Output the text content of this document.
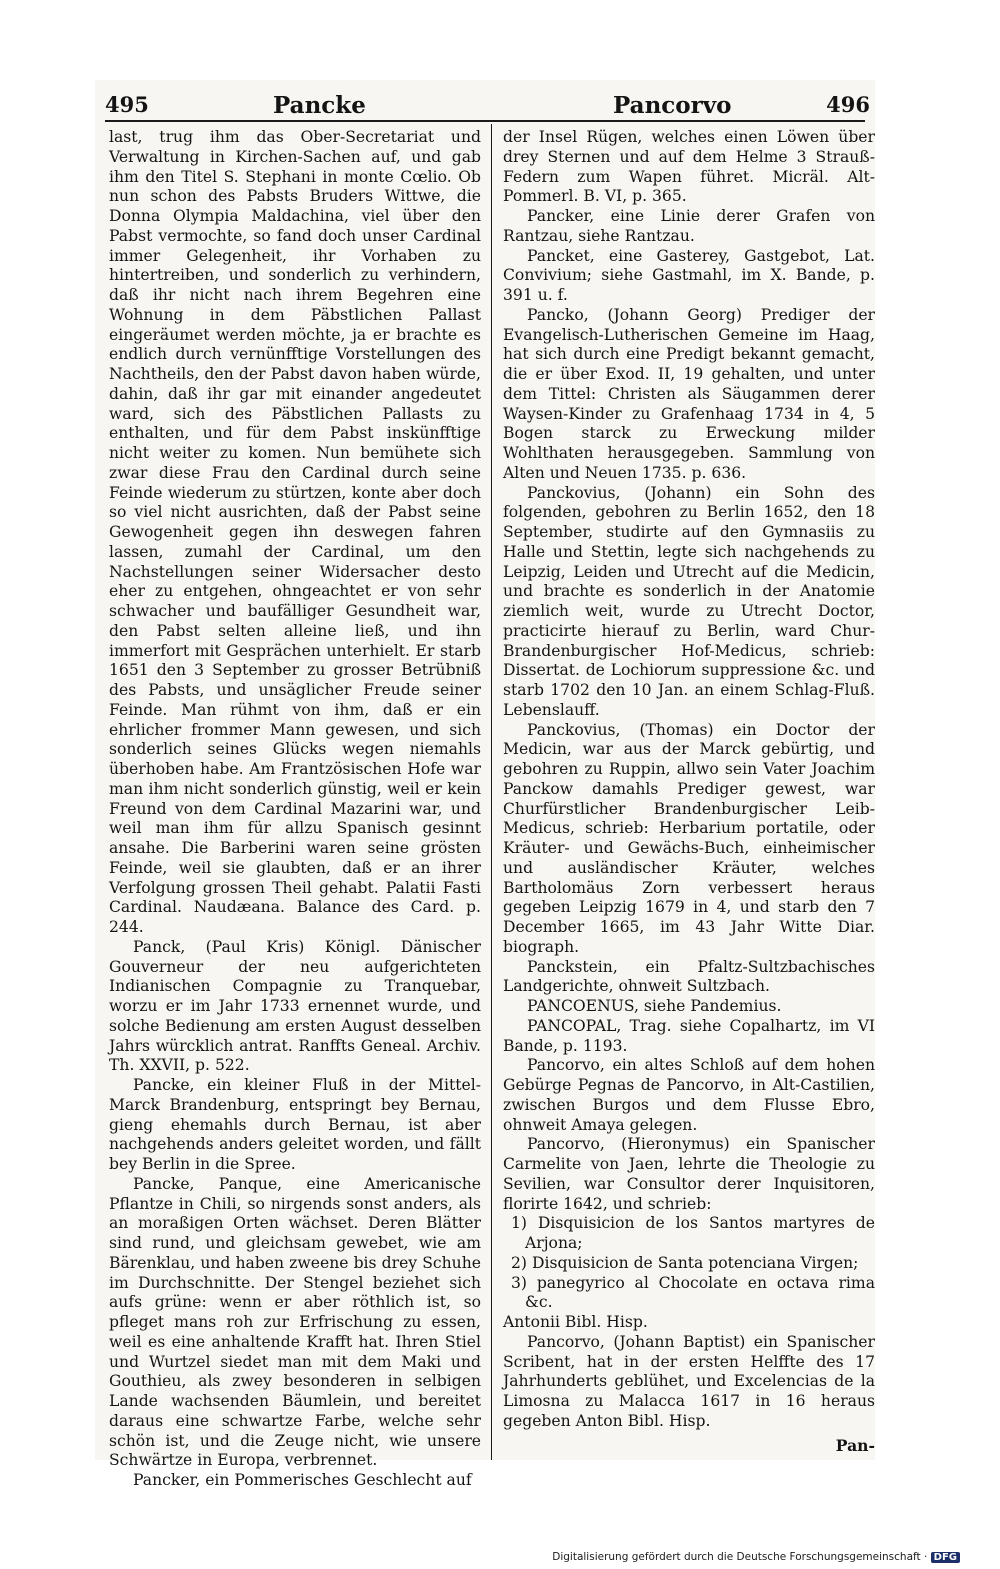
495	Pancke	Pancorvo	496

last, trug ihm das Ober-Secretariat und Verwaltung in Kirchen-Sachen auf, und gab ihm den Titel S. Stephani in monte Cœlio. Ob nun schon des Pabsts Bruders Wittwe, die Donna Olympia Maldachina, viel über den Pabst vermochte, so fand doch unser Cardinal immer Gelegenheit, ihr Vorhaben zu hintertreiben, und sonderlich zu verhindern, daß ihr nicht nach ihrem Begehren eine Wohnung in dem Päbstlichen Pallast eingeräumet werden möchte, ja er brachte es endlich durch vernünfftige Vorstellungen des Nachtheils, den der Pabst davon haben würde, dahin, daß ihr gar mit einander angedeutet ward, sich des Päbstlichen Pallasts zu enthalten, und für dem Pabst inskünfftige nicht weiter zu komen. Nun bemühete sich zwar diese Frau den Cardinal durch seine Feinde wiederum zu stürtzen, konte aber doch so viel nicht ausrichten, daß der Pabst seine Gewogenheit gegen ihn deswegen fahren lassen, zumahl der Cardinal, um den Nachstellungen seiner Widersacher desto eher zu entgehen, ohngeachtet er von sehr schwacher und baufälliger Gesundheit war, den Pabst selten alleine ließ, und ihn immerfort mit Gesprächen unterhielt. Er starb 1651 den 3 September zu grosser Betrübniß des Pabsts, und unsäglicher Freude seiner Feinde. Man rühmt von ihm, daß er ein ehrlicher frommer Mann gewesen, und sich sonderlich seines Glücks wegen niemahls überhoben habe. Am Frantzösischen Hofe war man ihm nicht sonderlich günstig, weil er kein Freund von dem Cardinal Mazarini war, und weil man ihm für allzu Spanisch gesinnt ansahe. Die Barberini waren seine grösten Feinde, weil sie glaubten, daß er an ihrer Verfolgung grossen Theil gehabt. Palatii Fasti Cardinal. Naudæana. Balance des Card. p. 244.

Panck, (Paul Kris) Königl. Dänischer Gouverneur der neu aufgerichteten Indianischen Compagnie zu Tranquebar, worzu er im Jahr 1733 ernennet wurde, und solche Bedienung am ersten August desselben Jahrs würcklich antrat. Ranffts Geneal. Archiv. Th. XXVII, p. 522.

Pancke, ein kleiner Fluß in der Mittel-Marck Brandenburg, entspringt bey Bernau, gieng ehemahls durch Bernau, ist aber nachgehends anders geleitet worden, und fällt bey Berlin in die Spree.

Pancke, Panque, eine Americanische Pflantze in Chili, so nirgends sonst anders, als an moraßigen Orten wächset. Deren Blätter sind rund, und gleichsam gewebet, wie am Bärenklau, und haben zweene bis drey Schuhe im Durchschnitte. Der Stengel beziehet sich aufs grüne: wenn er aber röthlich ist, so pfleget mans roh zur Erfrischung zu essen, weil es eine anhaltende Krafft hat. Ihren Stiel und Wurtzel siedet man mit dem Maki und Gouthieu, als zwey besonderen in selbigen Lande wachsenden Bäumlein, und bereitet daraus eine schwartze Farbe, welche sehr schön ist, und die Zeuge nicht, wie unsere Schwärtze in Europa, verbrennet.

Pancker, ein Pommerisches Geschlecht auf

der Insel Rügen, welches einen Löwen über drey Sternen und auf dem Helme 3 Strauß-Federn zum Wapen führet. Micräl. Alt-Pommerl. B. VI, p. 365.

Pancker, eine Linie derer Grafen von Rantzau, siehe Rantzau.

Pancket, eine Gasterey, Gastgebot, Lat. Convivium; siehe Gastmahl, im X. Bande, p. 391 u. f.

Pancko, (Johann Georg) Prediger der Evangelisch-Lutherischen Gemeine im Haag, hat sich durch eine Predigt bekannt gemacht, die er über Exod. II, 19 gehalten, und unter dem Tittel: Christen als Säugammen derer Waysen-Kinder zu Grafenhaag 1734 in 4, 5 Bogen starck zu Erweckung milder Wohlthaten herausgegeben. Sammlung von Alten und Neuen 1735. p. 636.

Panckovius, (Johann) ein Sohn des folgenden, gebohren zu Berlin 1652, den 18 September, studirte auf den Gymnasiis zu Halle und Stettin, legte sich nachgehends zu Leipzig, Leiden und Utrecht auf die Medicin, und brachte es sonderlich in der Anatomie ziemlich weit, wurde zu Utrecht Doctor, practicirte hierauf zu Berlin, ward Chur-Brandenburgischer Hof-Medicus, schrieb: Dissertat. de Lochiorum suppressione &c. und starb 1702 den 10 Jan. an einem Schlag-Fluß. Lebenslauff.

Panckovius, (Thomas) ein Doctor der Medicin, war aus der Marck gebürtig, und gebohren zu Ruppin, allwo sein Vater Joachim Panckow damahls Prediger gewest, war Churfürstlicher Brandenburgischer Leib-Medicus, schrieb: Herbarium portatile, oder Kräuter- und Gewächs-Buch, einheimischer und ausländischer Kräuter, welches Bartholomäus Zorn verbessert heraus gegeben Leipzig 1679 in 4, und starb den 7 December 1665, im 43 Jahr Witte Diar. biograph.

Panckstein, ein Pfaltz-Sultzbachisches Landgerichte, ohnweit Sultzbach.

PANCOENUS, siehe Pandemius.

PANCOPAL, Trag. siehe Copalhartz, im VI Bande, p. 1193.

Pancorvo, ein altes Schloß auf dem hohen Gebürge Pegnas de Pancorvo, in Alt-Castilien, zwischen Burgos und dem Flusse Ebro, ohnweit Amaya gelegen.

Pancorvo, (Hieronymus) ein Spanischer Carmelite von Jaen, lehrte die Theologie zu Sevilien, war Consultor derer Inquisitoren, florirte 1642, und schrieb:

1) Disquisicion de los Santos martyres de Arjona;

2) Disquisicion de Santa potenciana Virgen;

3) panegyrico al Chocolate en octava rima &c.

Antonii Bibl. Hisp.

Pancorvo, (Johann Baptist) ein Spanischer Scribent, hat in der ersten Helffte des 17 Jahrhunderts geblühet, und Excelencias de la Limosna zu Malacca 1617 in 16 heraus gegeben Anton Bibl. Hisp.

Pan-

Digitalisierung gefördert durch die Deutsche Forschungsgemeinschaft · DFG
